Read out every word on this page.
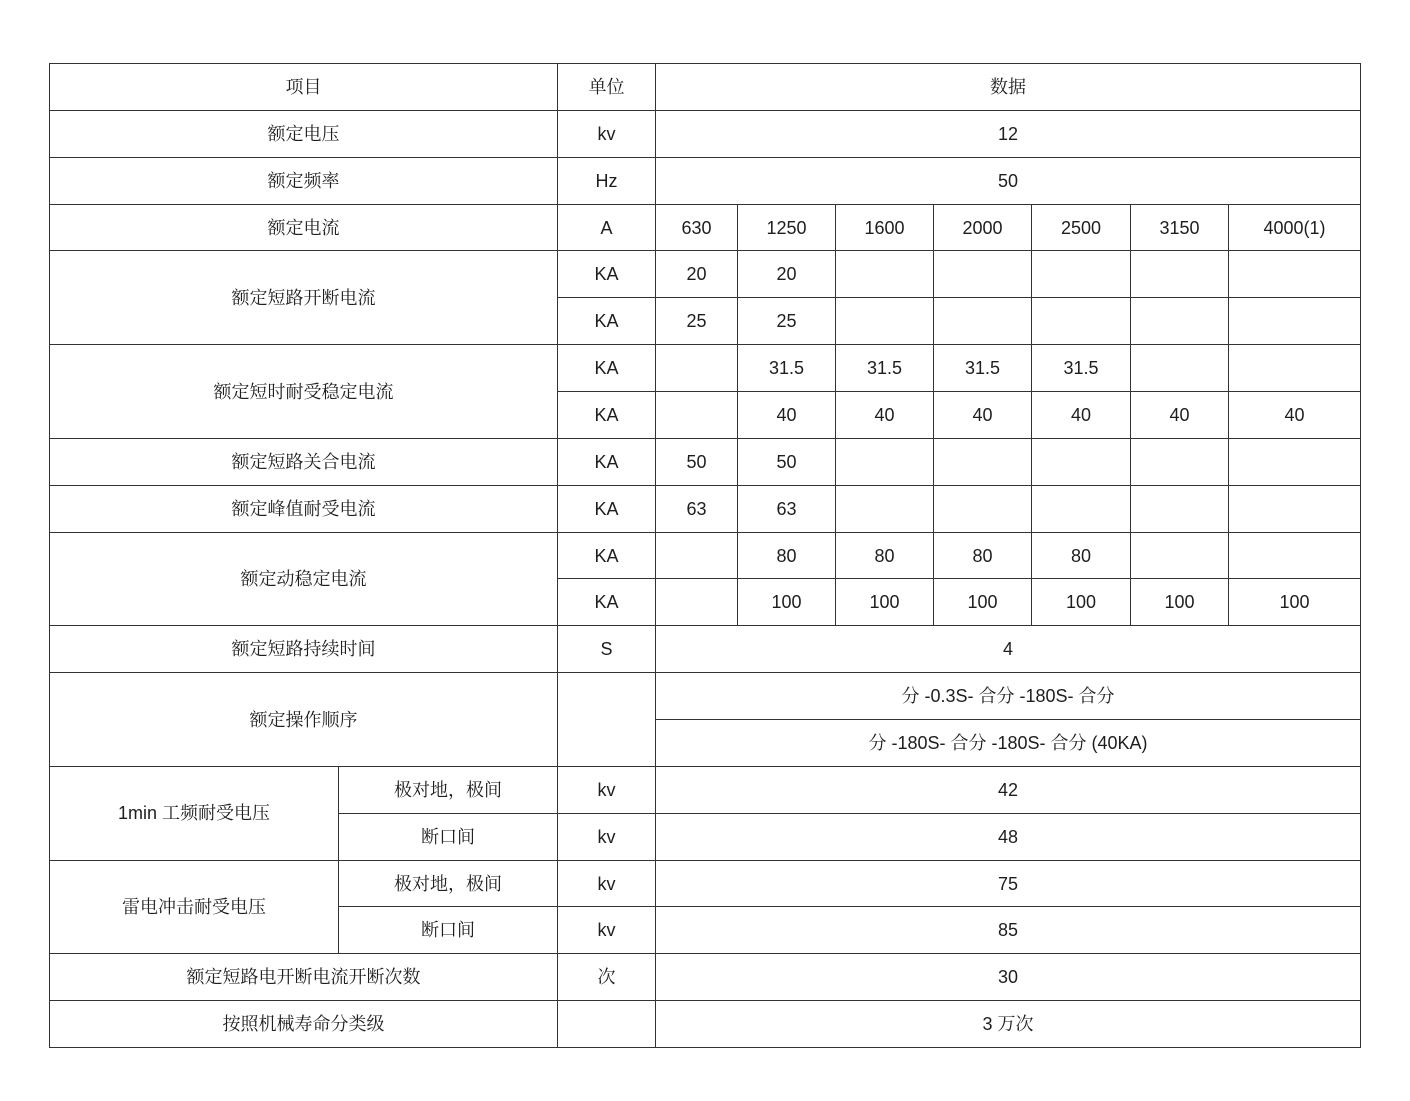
项目		单位	数据						
额定电压		kv	12						
额定频率		Hz	50						
额定电流		A	630	1250	1600	2000	2500	3150	4000(1)
额定短路开断电流		KA	20	20					
		KA	25	25					
额定短时耐受稳定电流		KA		31.5	31.5	31.5	31.5		
		KA		40	40	40	40	40	40
额定短路关合电流		KA	50	50					
额定峰值耐受电流		KA	63	63					
额定动稳定电流		KA		80	80	80	80		
		KA		100	100	100	100	100	100
额定短路持续时间		S	4						
额定操作顺序			分 -0.3S- 合分 -180S- 合分						
			分 -180S- 合分 -180S- 合分 (40KA)						
1min 工频耐受电压	极对地，极间	kv	42						
	断口间	kv	48						
雷电冲击耐受电压	极对地，极间	kv	75						
	断口间	kv	85						
额定短路电开断电流开断次数		次	30						
按照机械寿命分类级			3 万次						
